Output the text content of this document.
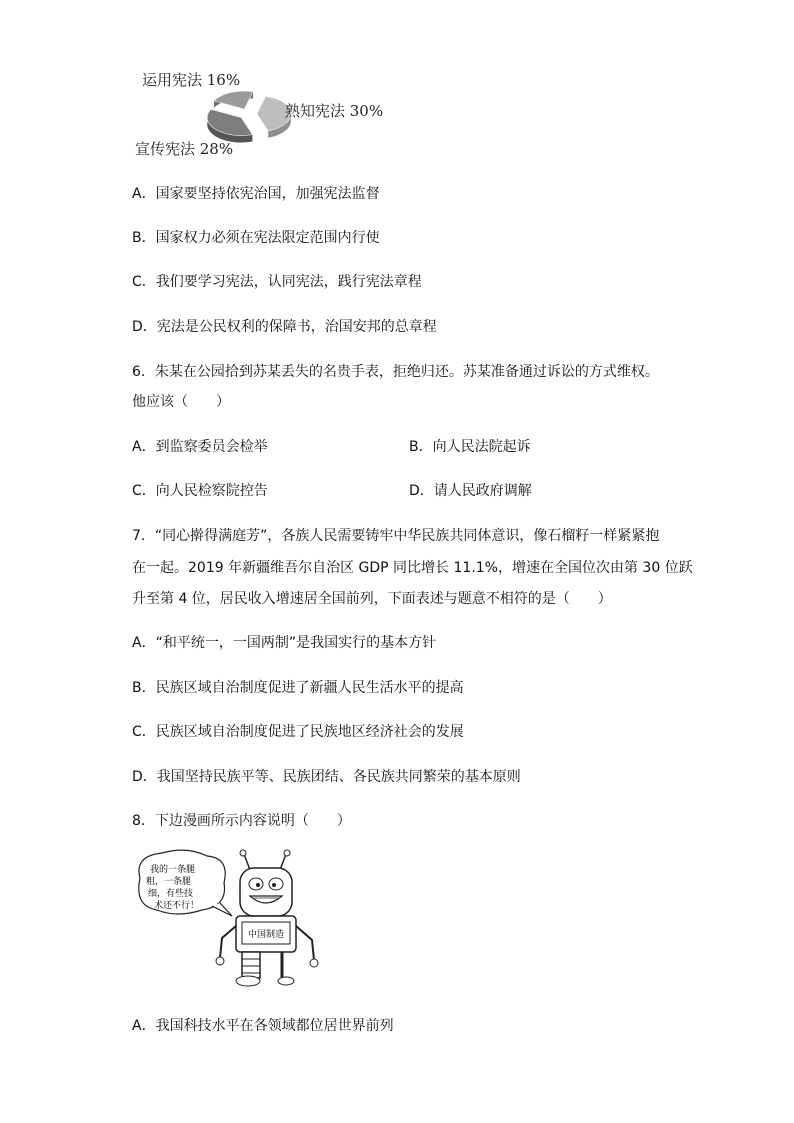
运用宪法 16%
熟知宪法 30%
宣传宪法 28%
A．国家要坚持依宪治国，加强宪法监督
B．国家权力必须在宪法限定范围内行使
C．我们要学习宪法，认同宪法，践行宪法章程
D．宪法是公民权利的保障书，治国安邦的总章程
6．朱某在公园拾到苏某丢失的名贵手表，拒绝归还。苏某准备通过诉讼的方式维权。
他应该（　　）
A．到监察委员会检举	B．向人民法院起诉
C．向人民检察院控告	D．请人民政府调解
7．“同心擀得满庭芳”，各族人民需要铸牢中华民族共同体意识，像石榴籽一样紧紧抱
在一起。2019 年新疆维吾尔自治区 GDP 同比增长 11.1%，增速在全国位次由第 30 位跃
升至第 4 位，居民收入增速居全国前列，下面表述与题意不相符的是（　　）
A．“和平统一，一国两制”是我国实行的基本方针
B．民族区域自治制度促进了新疆人民生活水平的提高
C．民族区域自治制度促进了民族地区经济社会的发展
D．我国坚持民族平等、民族团结、各民族共同繁荣的基本原则
8．下边漫画所示内容说明（　　）
我的一条腿
粗，一条腿
细，有些技
术还不行！
中国制造
A．我国科技水平在各领域都位居世界前列
